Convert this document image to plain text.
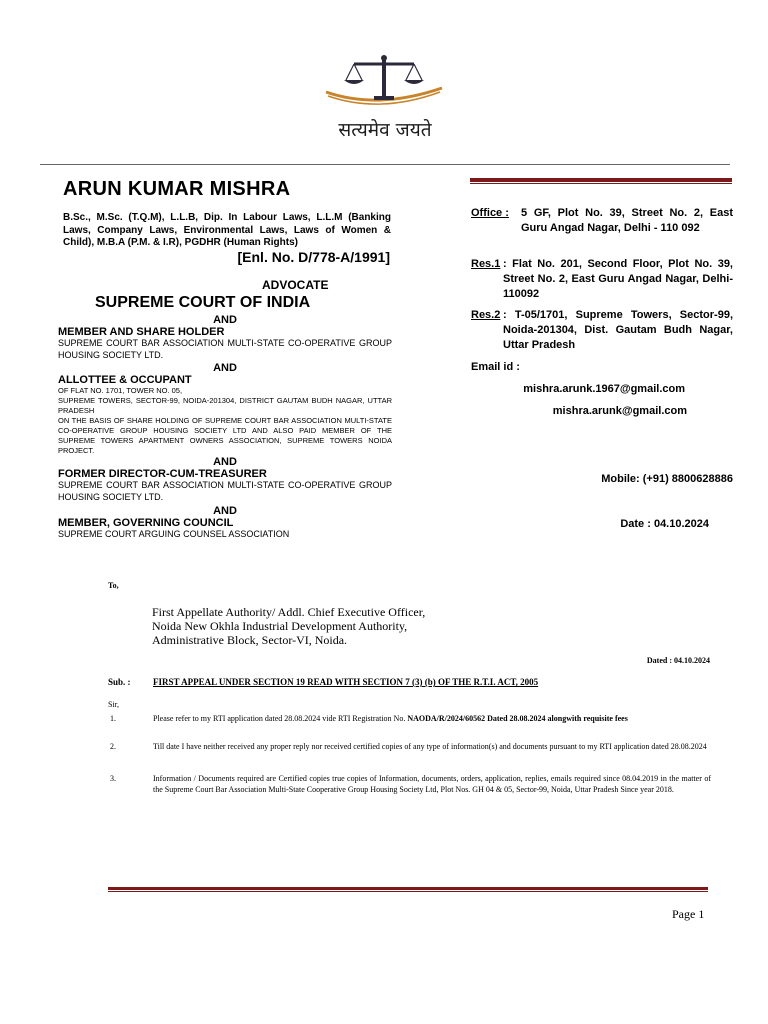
सत्यमेव जयते
ARUN KUMAR MISHRA
B.Sc., M.Sc. (T.Q.M), L.L.B, Dip. In Labour Laws, L.L.M (Banking Laws, Company Laws, Environmental Laws, Laws of Women & Child), M.B.A (P.M. & I.R), PGDHR (Human Rights)
[Enl. No. D/778-A/1991]
ADVOCATE
SUPREME COURT OF INDIA
AND
MEMBER AND SHARE HOLDER
SUPREME COURT BAR ASSOCIATION MULTI-STATE CO-OPERATIVE GROUP HOUSING SOCIETY LTD.
AND
ALLOTTEE & OCCUPANT
OF FLAT NO. 1701, TOWER NO. 05,
SUPREME TOWERS, SECTOR-99, NOIDA-201304, DISTRICT GAUTAM BUDH NAGAR, UTTAR PRADESH
ON THE BASIS OF SHARE HOLDING OF SUPREME COURT BAR ASSOCIATION MULTI-STATE CO-OPERATIVE GROUP HOUSING SOCIETY LTD AND ALSO PAID MEMBER OF THE SUPREME TOWERS APARTMENT OWNERS ASSOCIATION, SUPREME TOWERS NOIDA PROJECT.
AND
FORMER DIRECTOR-CUM-TREASURER
SUPREME COURT BAR ASSOCIATION MULTI-STATE CO-OPERATIVE GROUP HOUSING SOCIETY LTD.
AND
MEMBER, GOVERNING COUNCIL
SUPREME COURT ARGUING COUNSEL ASSOCIATION
Office :	5 GF, Plot No. 39, Street No. 2, East Guru Angad Nagar, Delhi - 110 092
Res.1 : Flat No. 201, Second Floor, Plot No. 39, Street No. 2, East Guru Angad Nagar, Delhi-110092
Res.2 : T-05/1701, Supreme Towers, Sector-99, Noida-201304, Dist. Gautam Budh Nagar, Uttar Pradesh
Email id :
mishra.arunk.1967@gmail.com
mishra.arunk@gmail.com
Mobile: (+91) 8800628886
Date : 04.10.2024
To,
First Appellate Authority/ Addl. Chief Executive Officer,
Noida New Okhla Industrial Development Authority,
Administrative Block, Sector-VI, Noida.
Dated : 04.10.2024
Sub. : FIRST APPEAL UNDER SECTION 19 READ WITH SECTION 7 (3) (b) OF THE R.T.I. ACT, 2005
Sir,
1.	Please refer to my RTI application dated 28.08.2024 vide RTI Registration No. NAODA/R/2024/60562 Dated 28.08.2024 alongwith requisite fees
2.	Till date I have neither received any proper reply nor received certified copies of any type of information(s) and documents pursuant to my RTI application dated 28.08.2024
3.	Information / Documents required are Certified copies true copies of Information, documents, orders, application, replies, emails required since 08.04.2019 in the matter of the Supreme Court Bar Association Multi-State Cooperative Group Housing Society Ltd, Plot Nos. GH 04 & 05, Sector-99, Noida, Uttar Pradesh Since year 2018.
Page 1
